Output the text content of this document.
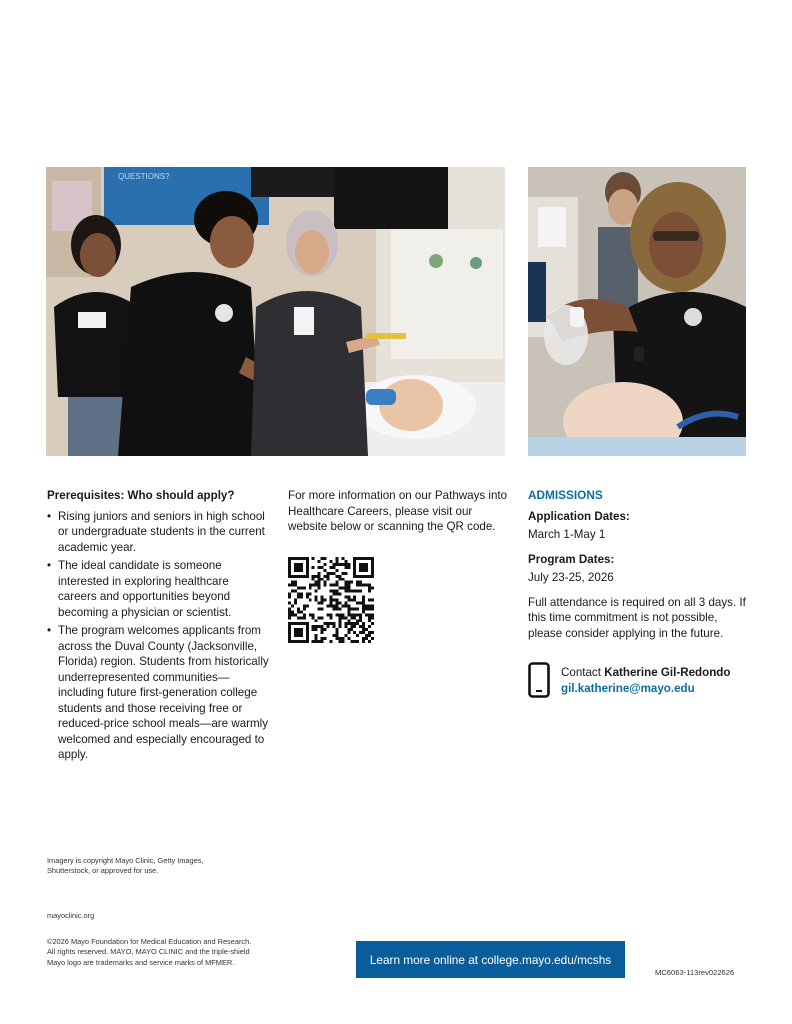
QUESTIONS?
Prerequisites: Who should apply?
• Rising juniors and seniors in high school or undergraduate students in the current academic year.
• The ideal candidate is someone interested in exploring healthcare careers and opportunities beyond becoming a physician or scientist.
• The program welcomes applicants from across the Duval County (Jacksonville, Florida) region. Students from historically underrepresented communities—including future first-generation college students and those receiving free or reduced-price school meals—are warmly welcomed and especially encouraged to apply.
For more information on our Pathways into Healthcare Careers, please visit our website below or scanning the QR code.
ADMISSIONS
Application Dates:
March 1-May 1
Program Dates:
July 23-25, 2026
Full attendance is required on all 3 days. If this time commitment is not possible, please consider applying in the future.
Contact Katherine Gil-Redondo
gil.katherine@mayo.edu
Imagery is copyright Mayo Clinic, Getty Images, Shutterstock, or approved for use.
mayoclinic.org
©2026 Mayo Foundation for Medical Education and Research. All rights reserved. MAYO, MAYO CLINIC and the triple-shield Mayo logo are trademarks and service marks of MFMER.	Learn more online at college.mayo.edu/mcshs
MC6063-113rev022626
